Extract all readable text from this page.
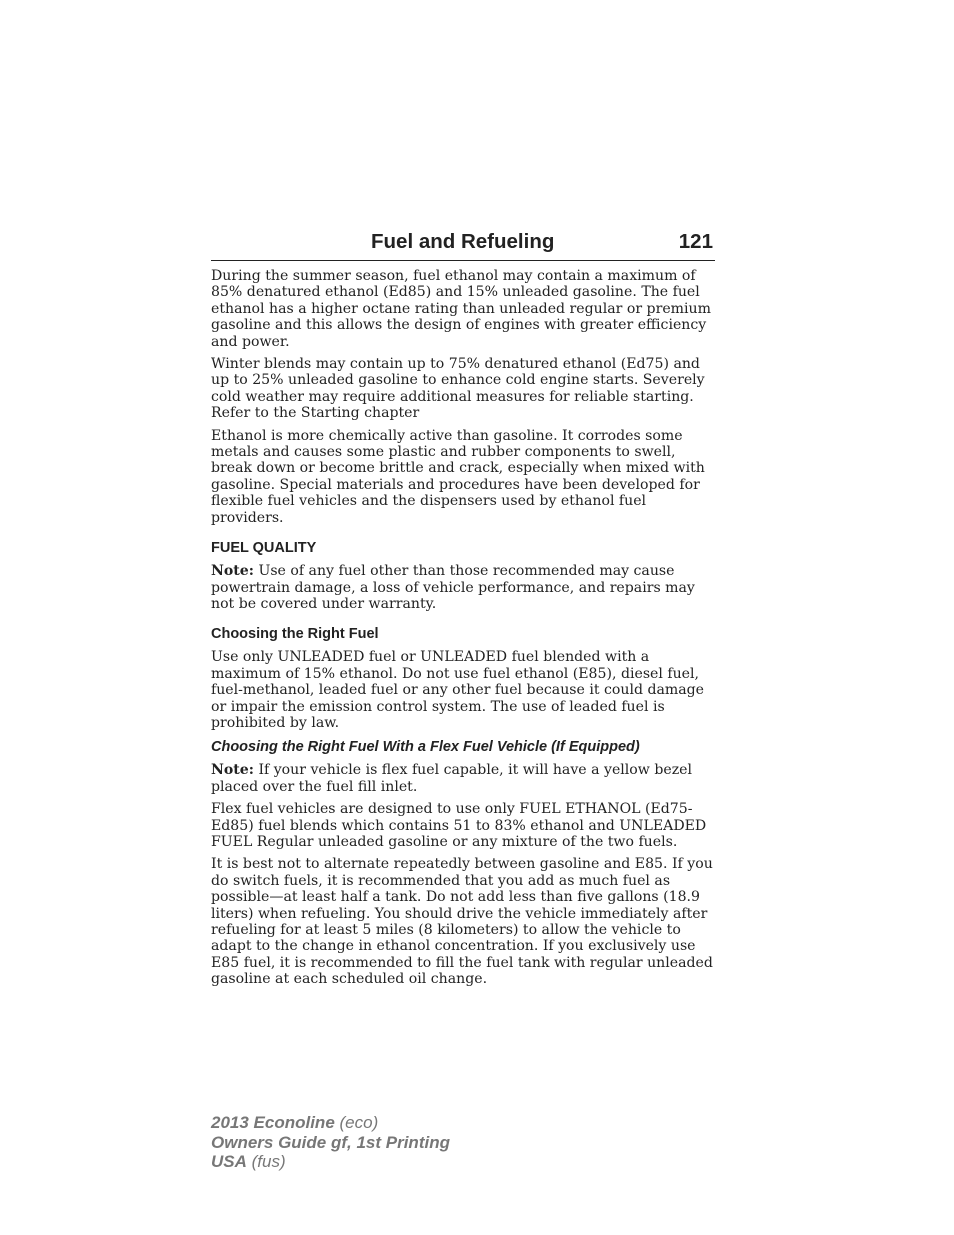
Fuel and Refueling	121

During the summer season, fuel ethanol may contain a maximum of 85% denatured ethanol (Ed85) and 15% unleaded gasoline. The fuel ethanol has a higher octane rating than unleaded regular or premium gasoline and this allows the design of engines with greater efficiency and power.

Winter blends may contain up to 75% denatured ethanol (Ed75) and up to 25% unleaded gasoline to enhance cold engine starts. Severely cold weather may require additional measures for reliable starting. Refer to the Starting chapter

Ethanol is more chemically active than gasoline. It corrodes some metals and causes some plastic and rubber components to swell, break down or become brittle and crack, especially when mixed with gasoline. Special materials and procedures have been developed for flexible fuel vehicles and the dispensers used by ethanol fuel providers.

FUEL QUALITY

Note: Use of any fuel other than those recommended may cause powertrain damage, a loss of vehicle performance, and repairs may not be covered under warranty.

Choosing the Right Fuel

Use only UNLEADED fuel or UNLEADED fuel blended with a maximum of 15% ethanol. Do not use fuel ethanol (E85), diesel fuel, fuel-methanol, leaded fuel or any other fuel because it could damage or impair the emission control system. The use of leaded fuel is prohibited by law.

Choosing the Right Fuel With a Flex Fuel Vehicle (If Equipped)

Note: If your vehicle is flex fuel capable, it will have a yellow bezel placed over the fuel fill inlet.

Flex fuel vehicles are designed to use only FUEL ETHANOL (Ed75-Ed85) fuel blends which contains 51 to 83% ethanol and UNLEADED FUEL Regular unleaded gasoline or any mixture of the two fuels.

It is best not to alternate repeatedly between gasoline and E85. If you do switch fuels, it is recommended that you add as much fuel as possible—at least half a tank. Do not add less than five gallons (18.9 liters) when refueling. You should drive the vehicle immediately after refueling for at least 5 miles (8 kilometers) to allow the vehicle to adapt to the change in ethanol concentration. If you exclusively use E85 fuel, it is recommended to fill the fuel tank with regular unleaded gasoline at each scheduled oil change.

2013 Econoline (eco)
Owners Guide gf, 1st Printing
USA (fus)
